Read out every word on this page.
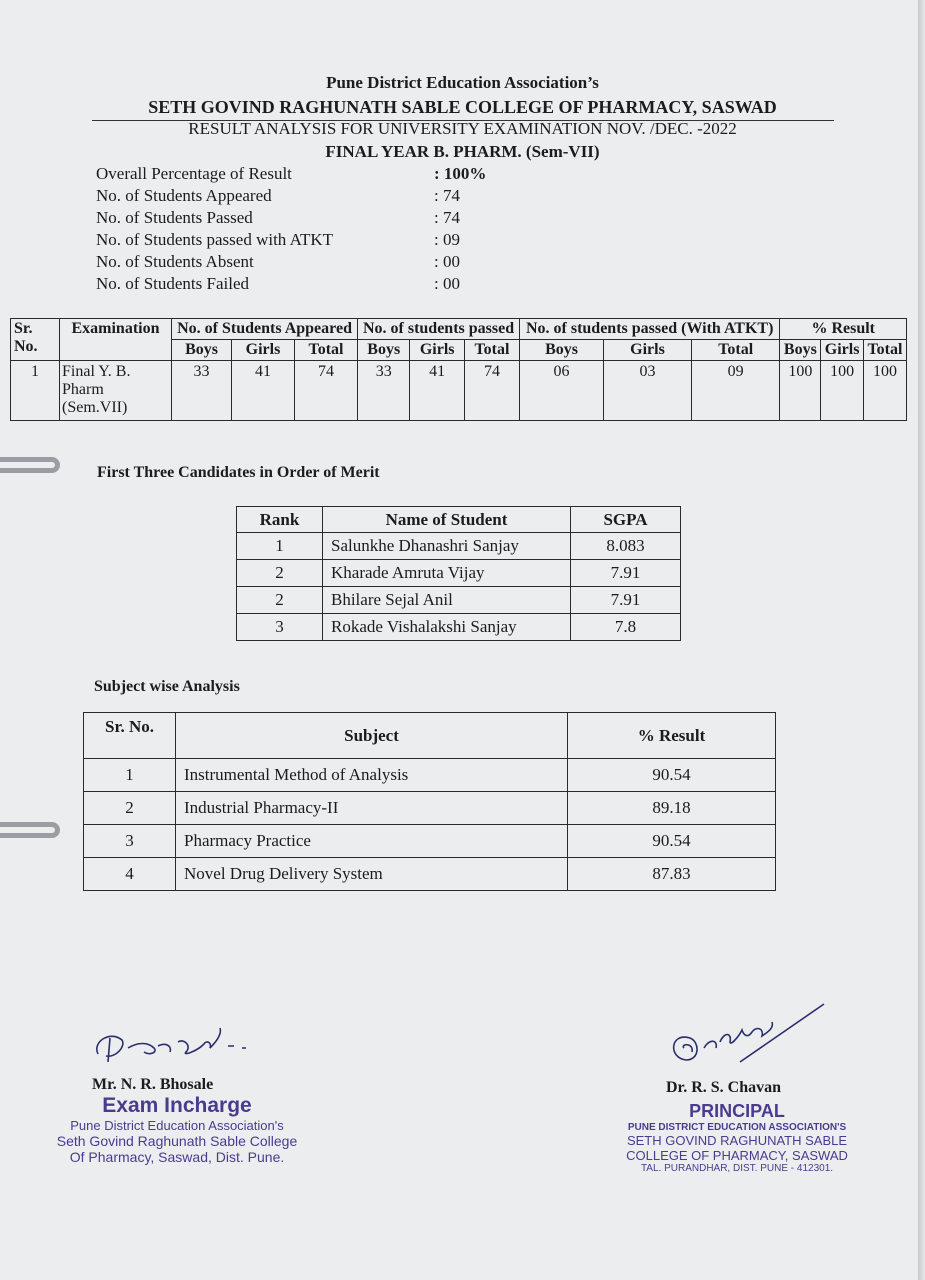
Pune District Education Association’s
SETH GOVIND RAGHUNATH SABLE COLLEGE OF PHARMACY, SASWAD
RESULT ANALYSIS FOR UNIVERSITY EXAMINATION NOV. /DEC. -2022
FINAL YEAR B. PHARM. (Sem-VII)
Overall Percentage of Result	: 100%
No. of Students Appeared	: 74
No. of Students Passed	: 74
No. of Students passed with ATKT	: 09
No. of Students Absent	: 00
No. of Students Failed	: 00
Sr. No.	Examination	No. of Students Appeared			No. of students passed			No. of students passed (With ATKT)			% Result		
		Boys	Girls	Total	Boys	Girls	Total	Boys	Girls	Total	Boys	Girls	Total
1	Final Y. B. Pharm (Sem.VII)	33	41	74	33	41	74	06	03	09	100	100	100
First Three Candidates in Order of Merit
Rank	Name of Student	SGPA
1	Salunkhe Dhanashri Sanjay	8.083
2	Kharade Amruta Vijay	7.91
2	Bhilare Sejal Anil	7.91
3	Rokade Vishalakshi Sanjay	7.8
Subject wise Analysis
Sr. No.	Subject	% Result
1	Instrumental Method of Analysis	90.54
2	Industrial Pharmacy-II	89.18
3	Pharmacy Practice	90.54
4	Novel Drug Delivery System	87.83
Mr. N. R. Bhosale
Exam Incharge
Pune District Education Association's
Seth Govind Raghunath Sable College
Of Pharmacy, Saswad, Dist. Pune.
Dr. R. S. Chavan
PRINCIPAL
PUNE DISTRICT EDUCATION ASSOCIATION'S
SETH GOVIND RAGHUNATH SABLE
COLLEGE OF PHARMACY, SASWAD
TAL. PURANDHAR, DIST. PUNE - 412301.
